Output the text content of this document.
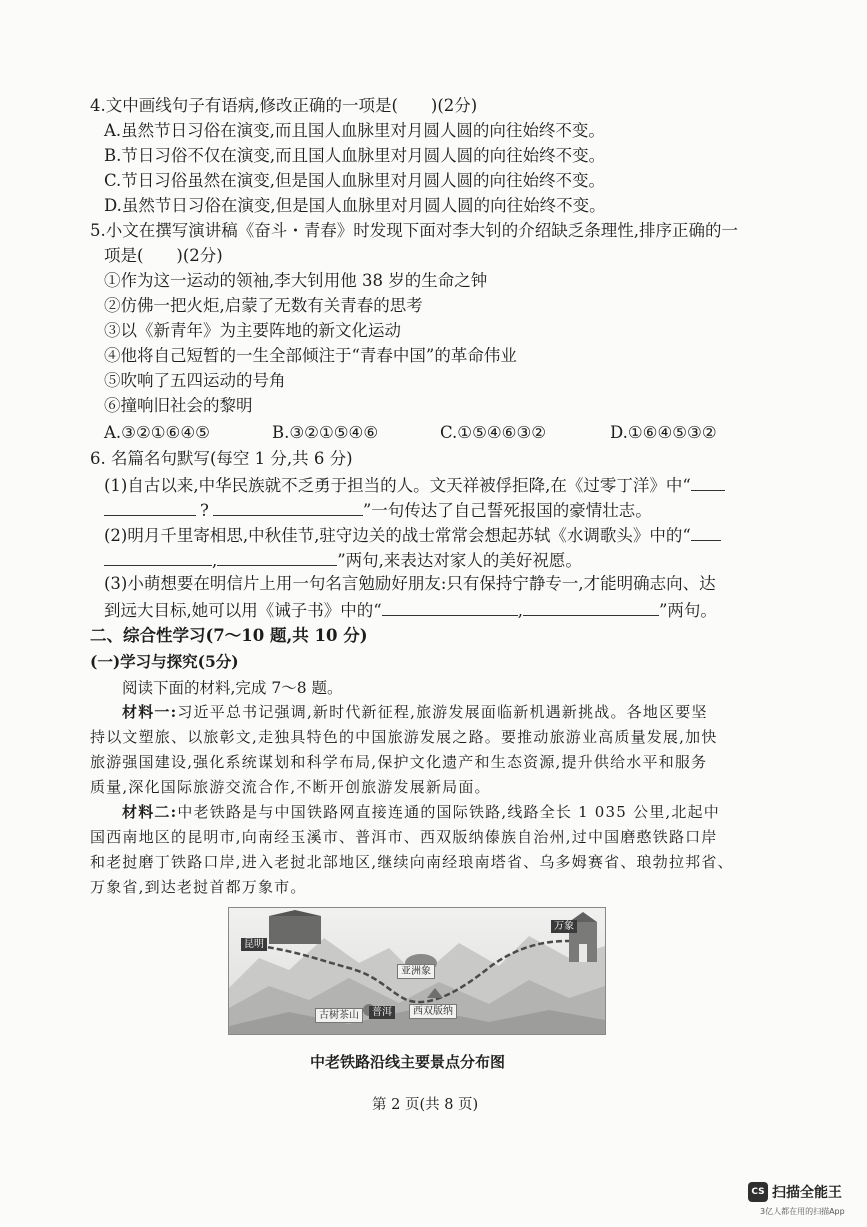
4.文中画线句子有语病,修改正确的一项是(　　)(2分)
A.虽然节日习俗在演变,而且国人血脉里对月圆人圆的向往始终不变。
B.节日习俗不仅在演变,而且国人血脉里对月圆人圆的向往始终不变。
C.节日习俗虽然在演变,但是国人血脉里对月圆人圆的向往始终不变。
D.虽然节日习俗在演变,但是国人血脉里对月圆人圆的向往始终不变。
5.小文在撰写演讲稿《奋斗・青春》时发现下面对李大钊的介绍缺乏条理性,排序正确的一
项是(　　)(2分)
①作为这一运动的领袖,李大钊用他 38 岁的生命之钟
②仿佛一把火炬,启蒙了无数有关青春的思考
③以《新青年》为主要阵地的新文化运动
④他将自己短暂的一生全部倾注于“青春中国”的革命伟业
⑤吹响了五四运动的号角
⑥撞响旧社会的黎明
A.③②①⑥④⑤	B.③②①⑤④⑥	C.①⑤④⑥③②	D.①⑥④⑤③②
6. 名篇名句默写(每空 1 分,共 6 分)
(1)自古以来,中华民族就不乏勇于担当的人。文天祥被俘拒降,在《过零丁洋》中“
?	”一句传达了自己誓死报国的豪情壮志。
(2)明月千里寄相思,中秋佳节,驻守边关的战士常常会想起苏轼《水调歌头》中的“
,	”两句,来表达对家人的美好祝愿。
(3)小萌想要在明信片上用一句名言勉励好朋友:只有保持宁静专一,才能明确志向、达
到远大目标,她可以用《诫子书》中的“	,	”两句。
二、综合性学习(7～10 题,共 10 分)
(一)学习与探究(5分)
阅读下面的材料,完成 7～8 题。
材料一:习近平总书记强调,新时代新征程,旅游发展面临新机遇新挑战。各地区要坚
持以文塑旅、以旅彰文,走独具特色的中国旅游发展之路。要推动旅游业高质量发展,加快
旅游强国建设,强化系统谋划和科学布局,保护文化遗产和生态资源,提升供给水平和服务
质量,深化国际旅游交流合作,不断开创旅游发展新局面。
材料二:中老铁路是与中国铁路网直接连通的国际铁路,线路全长 1 035 公里,北起中
国西南地区的昆明市,向南经玉溪市、普洱市、西双版纳傣族自治州,过中国磨憨铁路口岸
和老挝磨丁铁路口岸,进入老挝北部地区,继续向南经琅南塔省、乌多姆赛省、琅勃拉邦省、
万象省,到达老挝首都万象市。
昆明
万象
亚洲象
古树茶山	普洱	西双版纳
中老铁路沿线主要景点分布图
第 2 页(共 8 页)
CS 扫描全能王
3亿人都在用的扫描App
